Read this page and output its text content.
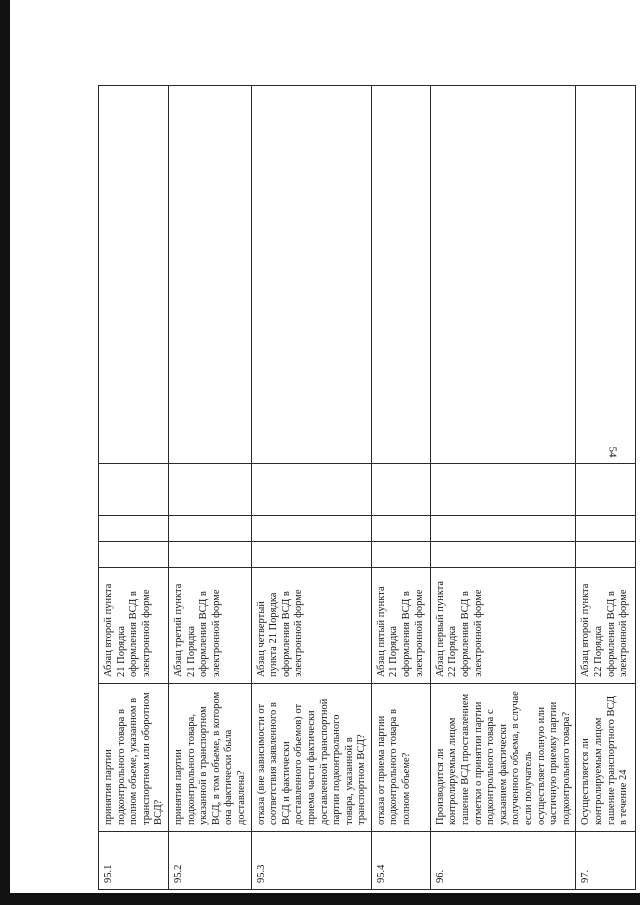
54
95.1	принятия партии подконтрольного товара в полном объеме, указанном в транспортном или оборотном ВСД?	Абзац второй пункта 21 Порядка оформления ВСД в электронной форме				
95.2	принятия партии подконтрольного товара, указанной в транспортном ВСД, в том объеме, в котором она фактически была доставлена?	Абзац третий пункта 21 Порядка оформления ВСД в электронной форме				
95.3	отказа (вне зависимости от соответствия заявленного в ВСД и фактически доставленного объемов) от приема части фактически доставленной транспортной партии подконтрольного товара, указанной в транспортном ВСД?	Абзац четвертый пункта 21 Порядка оформления ВСД в электронной форме				
95.4	отказа от приема партии подконтрольного товара в полном объеме?	Абзац пятый пункта 21 Порядка оформления ВСД в электронной форме				
96.	Производится ли контролируемым лицом гашение ВСД проставлением отметки о принятии партии подконтрольного товара с указанием фактически полученного объема, в случае если получатель осуществляет полную или частичную приемку партии подконтрольного товара?	Абзац первый пункта 22 Порядка оформления ВСД в электронной форме				
97.	Осуществляется ли контролируемым лицом гашение транспортного ВСД в течение 24	Абзац второй пункта 22 Порядка оформления ВСД в электронной форме				
